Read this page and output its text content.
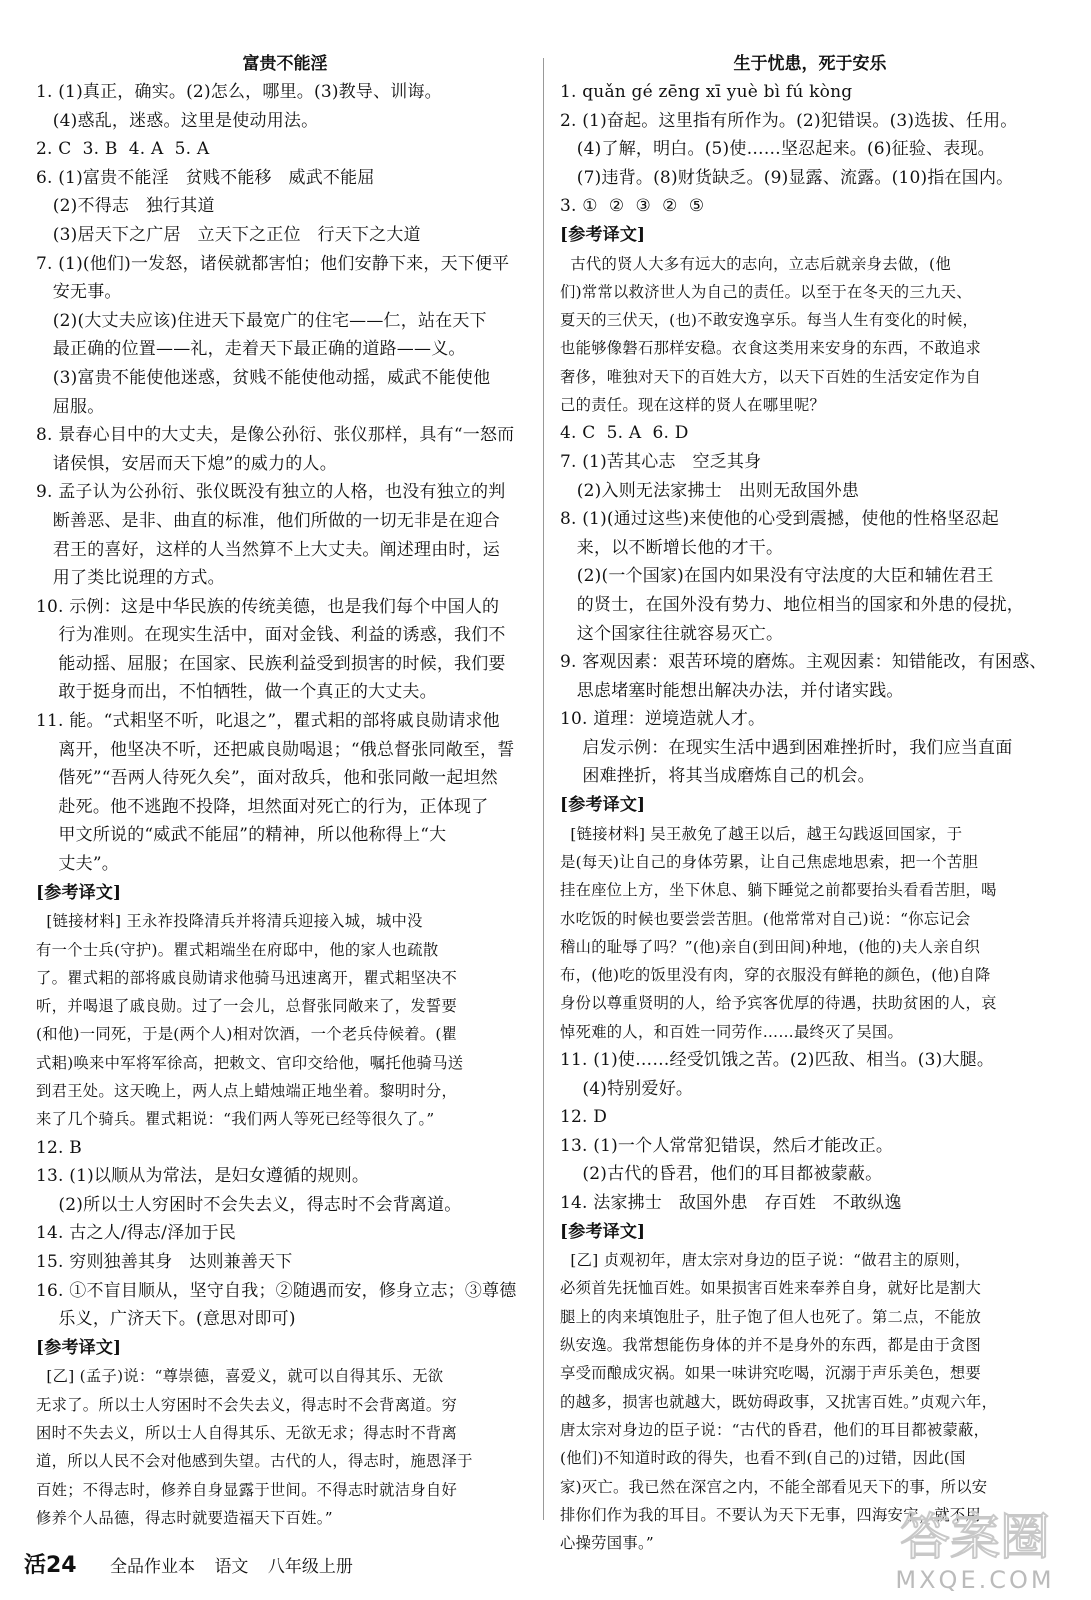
富贵不能淫

1. (1)真正，确实。(2)怎么，哪里。(3)教导、训诲。

(4)惑乱，迷惑。这里是使动用法。

2. C  3. B  4. A  5. A

6. (1)富贵不能淫   贫贱不能移   威武不能屈

(2)不得志   独行其道

(3)居天下之广居   立天下之正位   行天下之大道

7. (1)(他们)一发怒，诸侯就都害怕；他们安静下来，天下便平

安无事。

(2)(大丈夫应该)住进天下最宽广的住宅——仁，站在天下

最正确的位置——礼，走着天下最正确的道路——义。

(3)富贵不能使他迷惑，贫贱不能使他动摇，威武不能使他

屈服。

8. 景春心目中的大丈夫，是像公孙衍、张仪那样，具有“一怒而

诸侯惧，安居而天下熄”的威力的人。

9. 孟子认为公孙衍、张仪既没有独立的人格，也没有独立的判

断善恶、是非、曲直的标准，他们所做的一切无非是在迎合

君王的喜好，这样的人当然算不上大丈夫。阐述理由时，运

用了类比说理的方式。

10. 示例：这是中华民族的传统美德，也是我们每个中国人的

行为准则。在现实生活中，面对金钱、利益的诱惑，我们不

能动摇、屈服；在国家、民族利益受到损害的时候，我们要

敢于挺身而出，不怕牺牲，做一个真正的大丈夫。

11. 能。“式耜坚不听，叱退之”，瞿式耜的部将戚良勋请求他

离开，他坚决不听，还把戚良勋喝退；“俄总督张同敞至，誓

偕死”“吾两人待死久矣”，面对敌兵，他和张同敞一起坦然

赴死。他不逃跑不投降，坦然面对死亡的行为，正体现了

甲文所说的“威武不能屈”的精神，所以他称得上“大

丈夫”。

[参考译文]

[链接材料] 王永祚投降清兵并将清兵迎接入城，城中没

有一个士兵(守护)。瞿式耜端坐在府邸中，他的家人也疏散

了。瞿式耜的部将戚良勋请求他骑马迅速离开，瞿式耜坚决不

听，并喝退了戚良勋。过了一会儿，总督张同敞来了，发誓要

(和他)一同死，于是(两个人)相对饮酒，一个老兵侍候着。(瞿

式耜)唤来中军将军徐高，把敕文、官印交给他，嘱托他骑马送

到君王处。这天晚上，两人点上蜡烛端正地坐着。黎明时分，

来了几个骑兵。瞿式耜说：“我们两人等死已经等很久了。”

12. B

13. (1)以顺从为常法，是妇女遵循的规则。

(2)所以士人穷困时不会失去义，得志时不会背离道。

14. 古之人/得志/泽加于民

15. 穷则独善其身   达则兼善天下

16. ①不盲目顺从，坚守自我；②随遇而安，修身立志；③尊德

乐义，广济天下。(意思对即可)

[参考译文]

[乙] (孟子)说：“尊崇德，喜爱义，就可以自得其乐、无欲

无求了。所以士人穷困时不会失去义，得志时不会背离道。穷

困时不失去义，所以士人自得其乐、无欲无求；得志时不背离

道，所以人民不会对他感到失望。古代的人，得志时，施恩泽于

百姓；不得志时，修养自身显露于世间。不得志时就洁身自好

修养个人品德，得志时就要造福天下百姓。”

生于忧患，死于安乐

1. quǎn gé zēng xī yuè bì fú kòng

2. (1)奋起。这里指有所作为。(2)犯错误。(3)选拔、任用。

(4)了解，明白。(5)使……坚忍起来。(6)征验、表现。

(7)违背。(8)财货缺乏。(9)显露、流露。(10)指在国内。

3. ①  ②  ③  ②  ⑤

[参考译文]

古代的贤人大多有远大的志向，立志后就亲身去做，(他

们)常常以救济世人为自己的责任。以至于在冬天的三九天、

夏天的三伏天，(也)不敢安逸享乐。每当人生有变化的时候，

也能够像磐石那样安稳。衣食这类用来安身的东西，不敢追求

奢侈，唯独对天下的百姓大方，以天下百姓的生活安定作为自

己的责任。现在这样的贤人在哪里呢？

4. C  5. A  6. D

7. (1)苦其心志   空乏其身

(2)入则无法家拂士   出则无敌国外患

8. (1)(通过这些)来使他的心受到震撼，使他的性格坚忍起

来，以不断增长他的才干。

(2)(一个国家)在国内如果没有守法度的大臣和辅佐君王

的贤士，在国外没有势力、地位相当的国家和外患的侵扰，

这个国家往往就容易灭亡。

9. 客观因素：艰苦环境的磨炼。主观因素：知错能改，有困惑、

思虑堵塞时能想出解决办法，并付诸实践。

10. 道理：逆境造就人才。

启发示例：在现实生活中遇到困难挫折时，我们应当直面

困难挫折，将其当成磨炼自己的机会。

[参考译文]

[链接材料] 吴王赦免了越王以后，越王勾践返回国家，于

是(每天)让自己的身体劳累，让自己焦虑地思索，把一个苦胆

挂在座位上方，坐下休息、躺下睡觉之前都要抬头看看苦胆，喝

水吃饭的时候也要尝尝苦胆。(他常常对自己)说：“你忘记会

稽山的耻辱了吗？”(他)亲自(到田间)种地，(他的)夫人亲自织

布，(他)吃的饭里没有肉，穿的衣服没有鲜艳的颜色，(他)自降

身份以尊重贤明的人，给予宾客优厚的待遇，扶助贫困的人，哀

悼死难的人，和百姓一同劳作……最终灭了吴国。

11. (1)使……经受饥饿之苦。(2)匹敌、相当。(3)大腿。

(4)特别爱好。

12. D

13. (1)一个人常常犯错误，然后才能改正。

(2)古代的昏君，他们的耳目都被蒙蔽。

14. 法家拂士   敌国外患   存百姓   不敢纵逸

[参考译文]

[乙] 贞观初年，唐太宗对身边的臣子说：“做君主的原则，

必须首先抚恤百姓。如果损害百姓来奉养自身，就好比是割大

腿上的肉来填饱肚子，肚子饱了但人也死了。第二点，不能放

纵安逸。我常想能伤身体的并不是身外的东西，都是由于贪图

享受而酿成灾祸。如果一味讲究吃喝，沉溺于声乐美色，想要

的越多，损害也就越大，既妨碍政事，又扰害百姓。”贞观六年，

唐太宗对身边的臣子说：“古代的昏君，他们的耳目都被蒙蔽，

(他们)不知道时政的得失，也看不到(自己的)过错，因此(国

家)灭亡。我已然在深宫之内，不能全部看见天下的事，所以安

排你们作为我的耳目。不要认为天下无事，四海安宁，就不用

心操劳国事。”

活24 全品作业本 语文 八年级上册
答案圈
MXQE.COM
